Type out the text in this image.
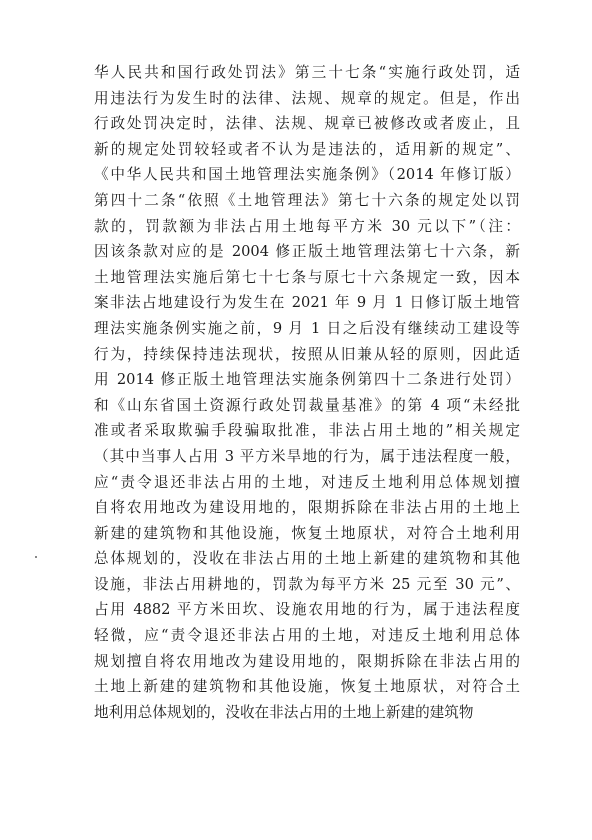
华人民共和国行政处罚法》第三十七条“实施行政处罚，适
用违法行为发生时的法律、法规、规章的规定。但是，作出
行政处罚决定时，法律、法规、规章已被修改或者废止，且
新的规定处罚较轻或者不认为是违法的，适用新的规定”、
《中华人民共和国土地管理法实施条例》（2014 年修订版）
第四十二条“依照《土地管理法》第七十六条的规定处以罚
款的，罚款额为非法占用土地每平方米 30 元以下”（注：
因该条款对应的是 2004 修正版土地管理法第七十六条，新
土地管理法实施后第七十七条与原七十六条规定一致，因本
案非法占地建设行为发生在 2021 年 9 月 1 日修订版土地管
理法实施条例实施之前，9 月 1 日之后没有继续动工建设等
行为，持续保持违法现状，按照从旧兼从轻的原则，因此适
用 2014 修正版土地管理法实施条例第四十二条进行处罚）
和《山东省国土资源行政处罚裁量基准》的第 4 项“未经批
准或者采取欺骗手段骗取批准，非法占用土地的”相关规定
（其中当事人占用 3 平方米旱地的行为，属于违法程度一般，
应“责令退还非法占用的土地，对违反土地利用总体规划擅
自将农用地改为建设用地的，限期拆除在非法占用的土地上
新建的建筑物和其他设施，恢复土地原状，对符合土地利用
总体规划的，没收在非法占用的土地上新建的建筑物和其他
设施，非法占用耕地的，罚款为每平方米 25 元至 30 元”、
占用 4882 平方米田坎、设施农用地的行为，属于违法程度
轻微，应“责令退还非法占用的土地，对违反土地利用总体
规划擅自将农用地改为建设用地的，限期拆除在非法占用的
土地上新建的建筑物和其他设施，恢复土地原状，对符合土
地利用总体规划的，没收在非法占用的土地上新建的建筑物
